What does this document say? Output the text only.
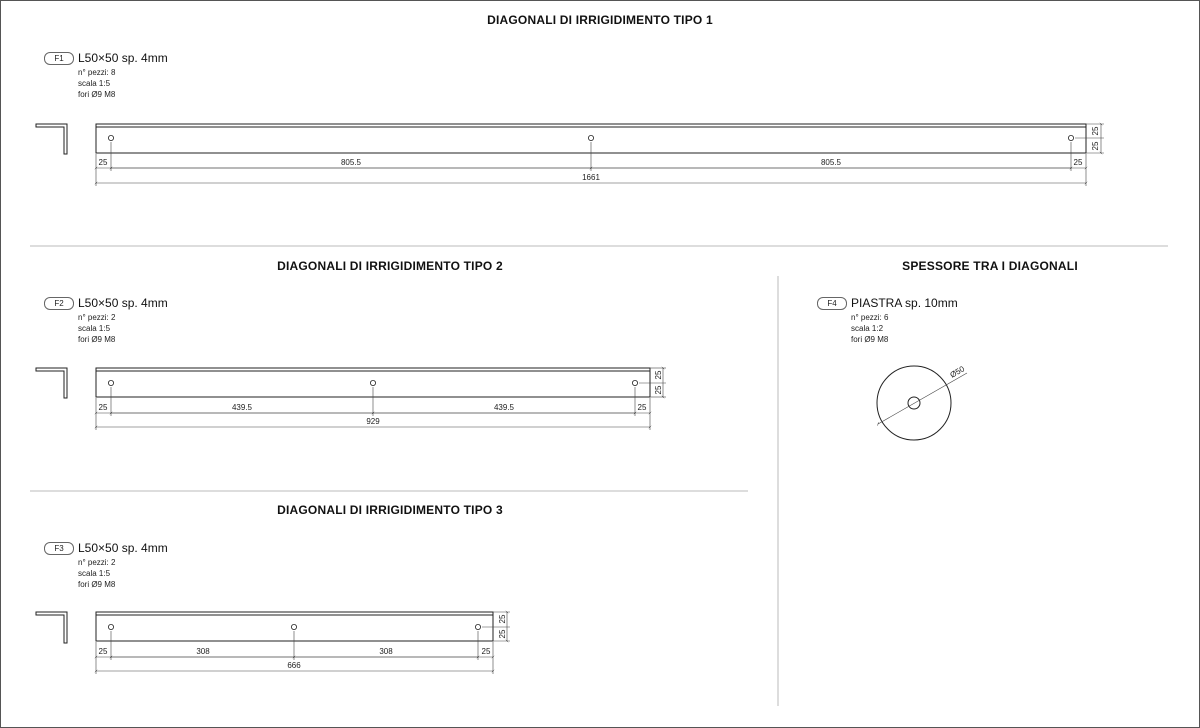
DIAGONALI DI IRRIGIDIMENTO TIPO 1
DIAGONALI DI IRRIGIDIMENTO TIPO 2	SPESSORE TRA I DIAGONALI
DIAGONALI DI IRRIGIDIMENTO TIPO 3
F1	L50×50 sp. 4mm
n° pezzi: 8
scala 1:5
fori Ø9 M8
F2	L50×50 sp. 4mm
n° pezzi: 2
scala 1:5
fori Ø9 M8
F3	L50×50 sp. 4mm
n° pezzi: 2
scala 1:5
fori Ø9 M8
F4	PIASTRA sp. 10mm
n° pezzi: 6
scala 1:2
fori Ø9 M8
25	805.5	805.5	25
1661
25
25
25	439.5	439.5	25
929
25
25
25	308	308	25
666
25
25
Ø50
